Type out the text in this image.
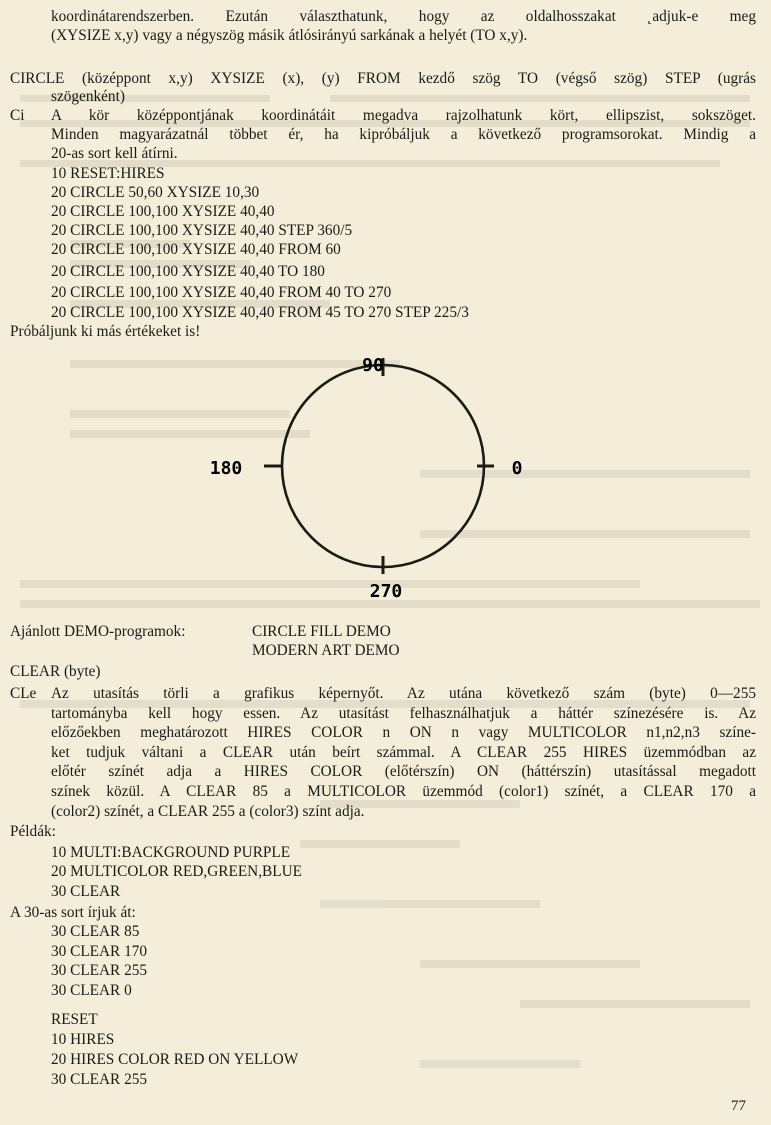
koordinátarendszerben. Ezután választhatunk, hogy az oldalhosszakat ˛adjuk-e meg
(XYSIZE x,y) vagy a négyszög másik átlósirányú sarkának a helyét (TO x,y).
CIRCLE (középpont x,y) XYSIZE (x), (y) FROM kezdő szög TO (végső szög) STEP (ugrás
szögenként)
Ci A kör középpontjának koordinátáit megadva rajzolhatunk kört, ellipszist, sokszöget.
Minden magyarázatnál többet ér, ha kipróbáljuk a következő programsorokat. Mindig a
20-as sort kell átírni.
10 RESET:HIRES
20 CIRCLE 50,60 XYSIZE 10,30
20 CIRCLE 100,100 XYSIZE 40,40
20 CIRCLE 100,100 XYSIZE 40,40 STEP 360/5
20 CIRCLE 100,100 XYSIZE 40,40 FROM 60
20 CIRCLE 100,100 XYSIZE 40,40 TO 180
20 CIRCLE 100,100 XYSIZE 40,40 FROM 40 TO 270
20 CIRCLE 100,100 XYSIZE 40,40 FROM 45 TO 270 STEP 225/3
Próbáljunk ki más értékeket is!
90
180	0
270
Ajánlott DEMO-programok:	CIRCLE FILL DEMO
MODERN ART DEMO
CLEAR (byte)
CLe Az utasítás törli a grafikus képernyőt. Az utána következő szám (byte) 0—255
tartományba kell hogy essen. Az utasítást felhasználhatjuk a háttér színezésére is. Az
előzőekben meghatározott HIRES COLOR n ON n vagy MULTICOLOR n1,n2,n3 színe-
ket tudjuk váltani a CLEAR után beírt számmal. A CLEAR 255 HIRES üzemmódban az
előtér színét adja a HIRES COLOR (előtérszín) ON (háttérszín) utasítással megadott
színek közül. A CLEAR 85 a MULTICOLOR üzemmód (color1) színét, a CLEAR 170 a
(color2) színét, a CLEAR 255 a (color3) színt adja.
Példák:
10 MULTI:BACKGROUND PURPLE
20 MULTICOLOR RED,GREEN,BLUE
30 CLEAR
A 30-as sort írjuk át:
30 CLEAR 85
30 CLEAR 170
30 CLEAR 255
30 CLEAR 0
RESET
10 HIRES
20 HIRES COLOR RED ON YELLOW
30 CLEAR 255
77
